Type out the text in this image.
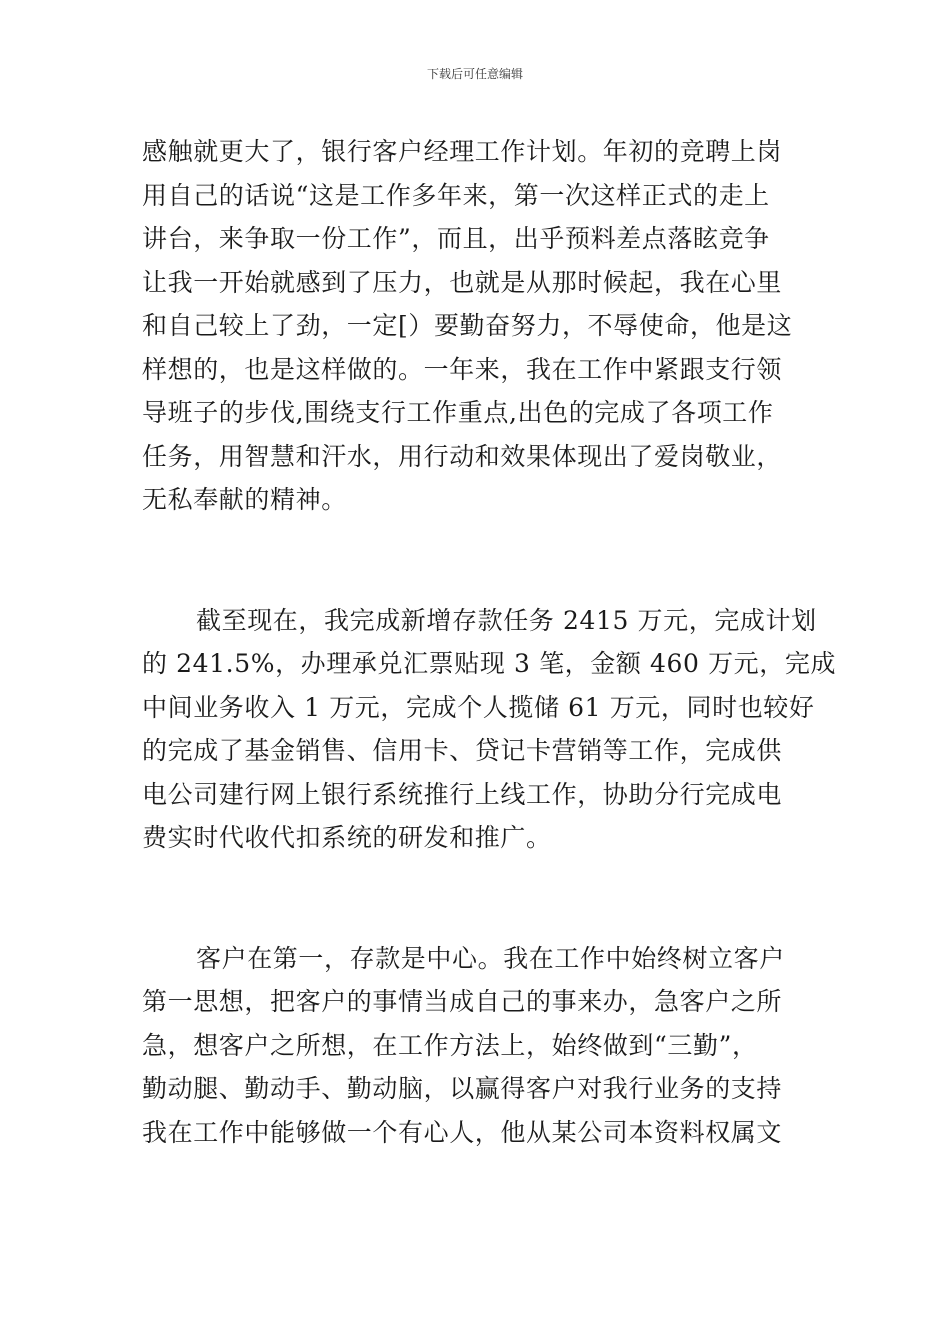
下载后可任意编辑
感触就更大了，银行客户经理工作计划。年初的竞聘上岗
用自己的话说“这是工作多年来，第一次这样正式的走上
讲台，来争取一份工作”，而且，出乎预料差点落眩竞争
让我一开始就感到了压力，也就是从那时候起，我在心里
和自己较上了劲，一定[）要勤奋努力，不辱使命，他是这
样想的，也是这样做的。一年来，我在工作中紧跟支行领
导班子的步伐,围绕支行工作重点,出色的完成了各项工作
任务，用智慧和汗水，用行动和效果体现出了爱岗敬业，
无私奉献的精神。
截至现在，我完成新增存款任务 2415 万元，完成计划
的 241.5%，办理承兑汇票贴现 3 笔，金额 460 万元，完成
中间业务收入 1 万元，完成个人揽储 61 万元，同时也较好
的完成了基金销售、信用卡、贷记卡营销等工作，完成供
电公司建行网上银行系统推行上线工作，协助分行完成电
费实时代收代扣系统的研发和推广。
客户在第一，存款是中心。我在工作中始终树立客户
第一思想，把客户的事情当成自己的事来办，急客户之所
急，想客户之所想，在工作方法上，始终做到“三勤”，
勤动腿、勤动手、勤动脑，以赢得客户对我行业务的支持
我在工作中能够做一个有心人，他从某公司本资料权属文
